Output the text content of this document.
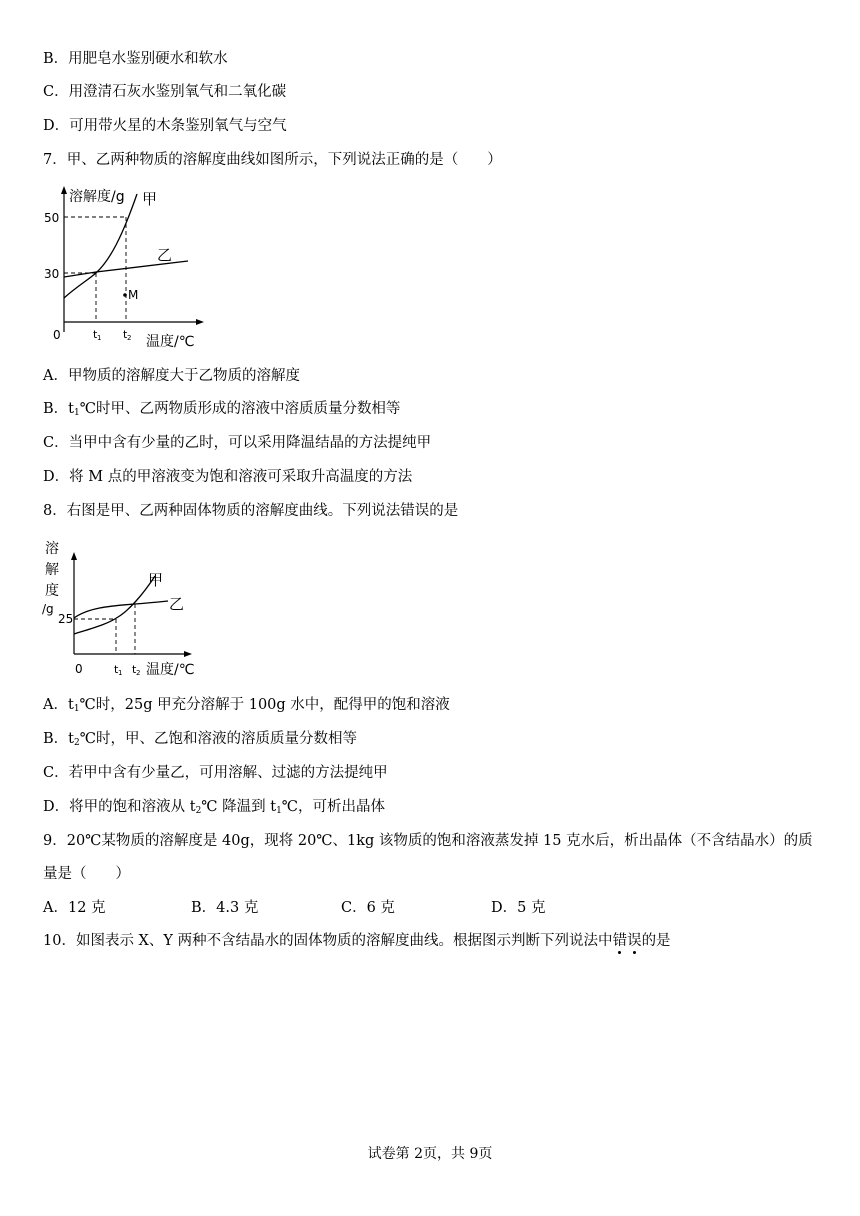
B．用肥皂水鉴别硬水和软水
C．用澄清石灰水鉴别氧气和二氧化碳
D．可用带火星的木条鉴别氧气与空气
7．甲、乙两种物质的溶解度曲线如图所示，下列说法正确的是（　　）
溶解度/g 甲
乙
M
50
30
0	t 1 t 2 温度/℃
A．甲物质的溶解度大于乙物质的溶解度
B．$t_1℃$时甲、乙两物质形成的溶液中溶质质量分数相等
C．当甲中含有少量的乙时，可以采用降温结晶的方法提纯甲
D．将 M 点的甲溶液变为饱和溶液可采取升高温度的方法
8．右图是甲、乙两种固体物质的溶解度曲线。下列说法错误的是
溶
解
度
/g
25
甲
乙
0	t 1 t 2 温度/℃
A．$t_1℃$时，25g 甲充分溶解于 100g 水中，配得甲的饱和溶液
B．$t_2℃$时，甲、乙饱和溶液的溶质质量分数相等
C．若甲中含有少量乙，可用溶解、过滤的方法提纯甲
D．将甲的饱和溶液从 $t_2℃$ 降温到 $t_1℃$，可析出晶体
9．20℃某物质的溶解度是 40g，现将 20℃、1kg 该物质的饱和溶液蒸发掉 15 克水后，析出晶体（不含结晶水）的质
量是（　　）
A．12 克	B．4.3 克	C．6 克	D．5 克
10．如图表示 X、Y 两种不含结晶水的固体物质的溶解度曲线。根据图示判断下列说法中错误的是
试卷第 2页，共 9页
